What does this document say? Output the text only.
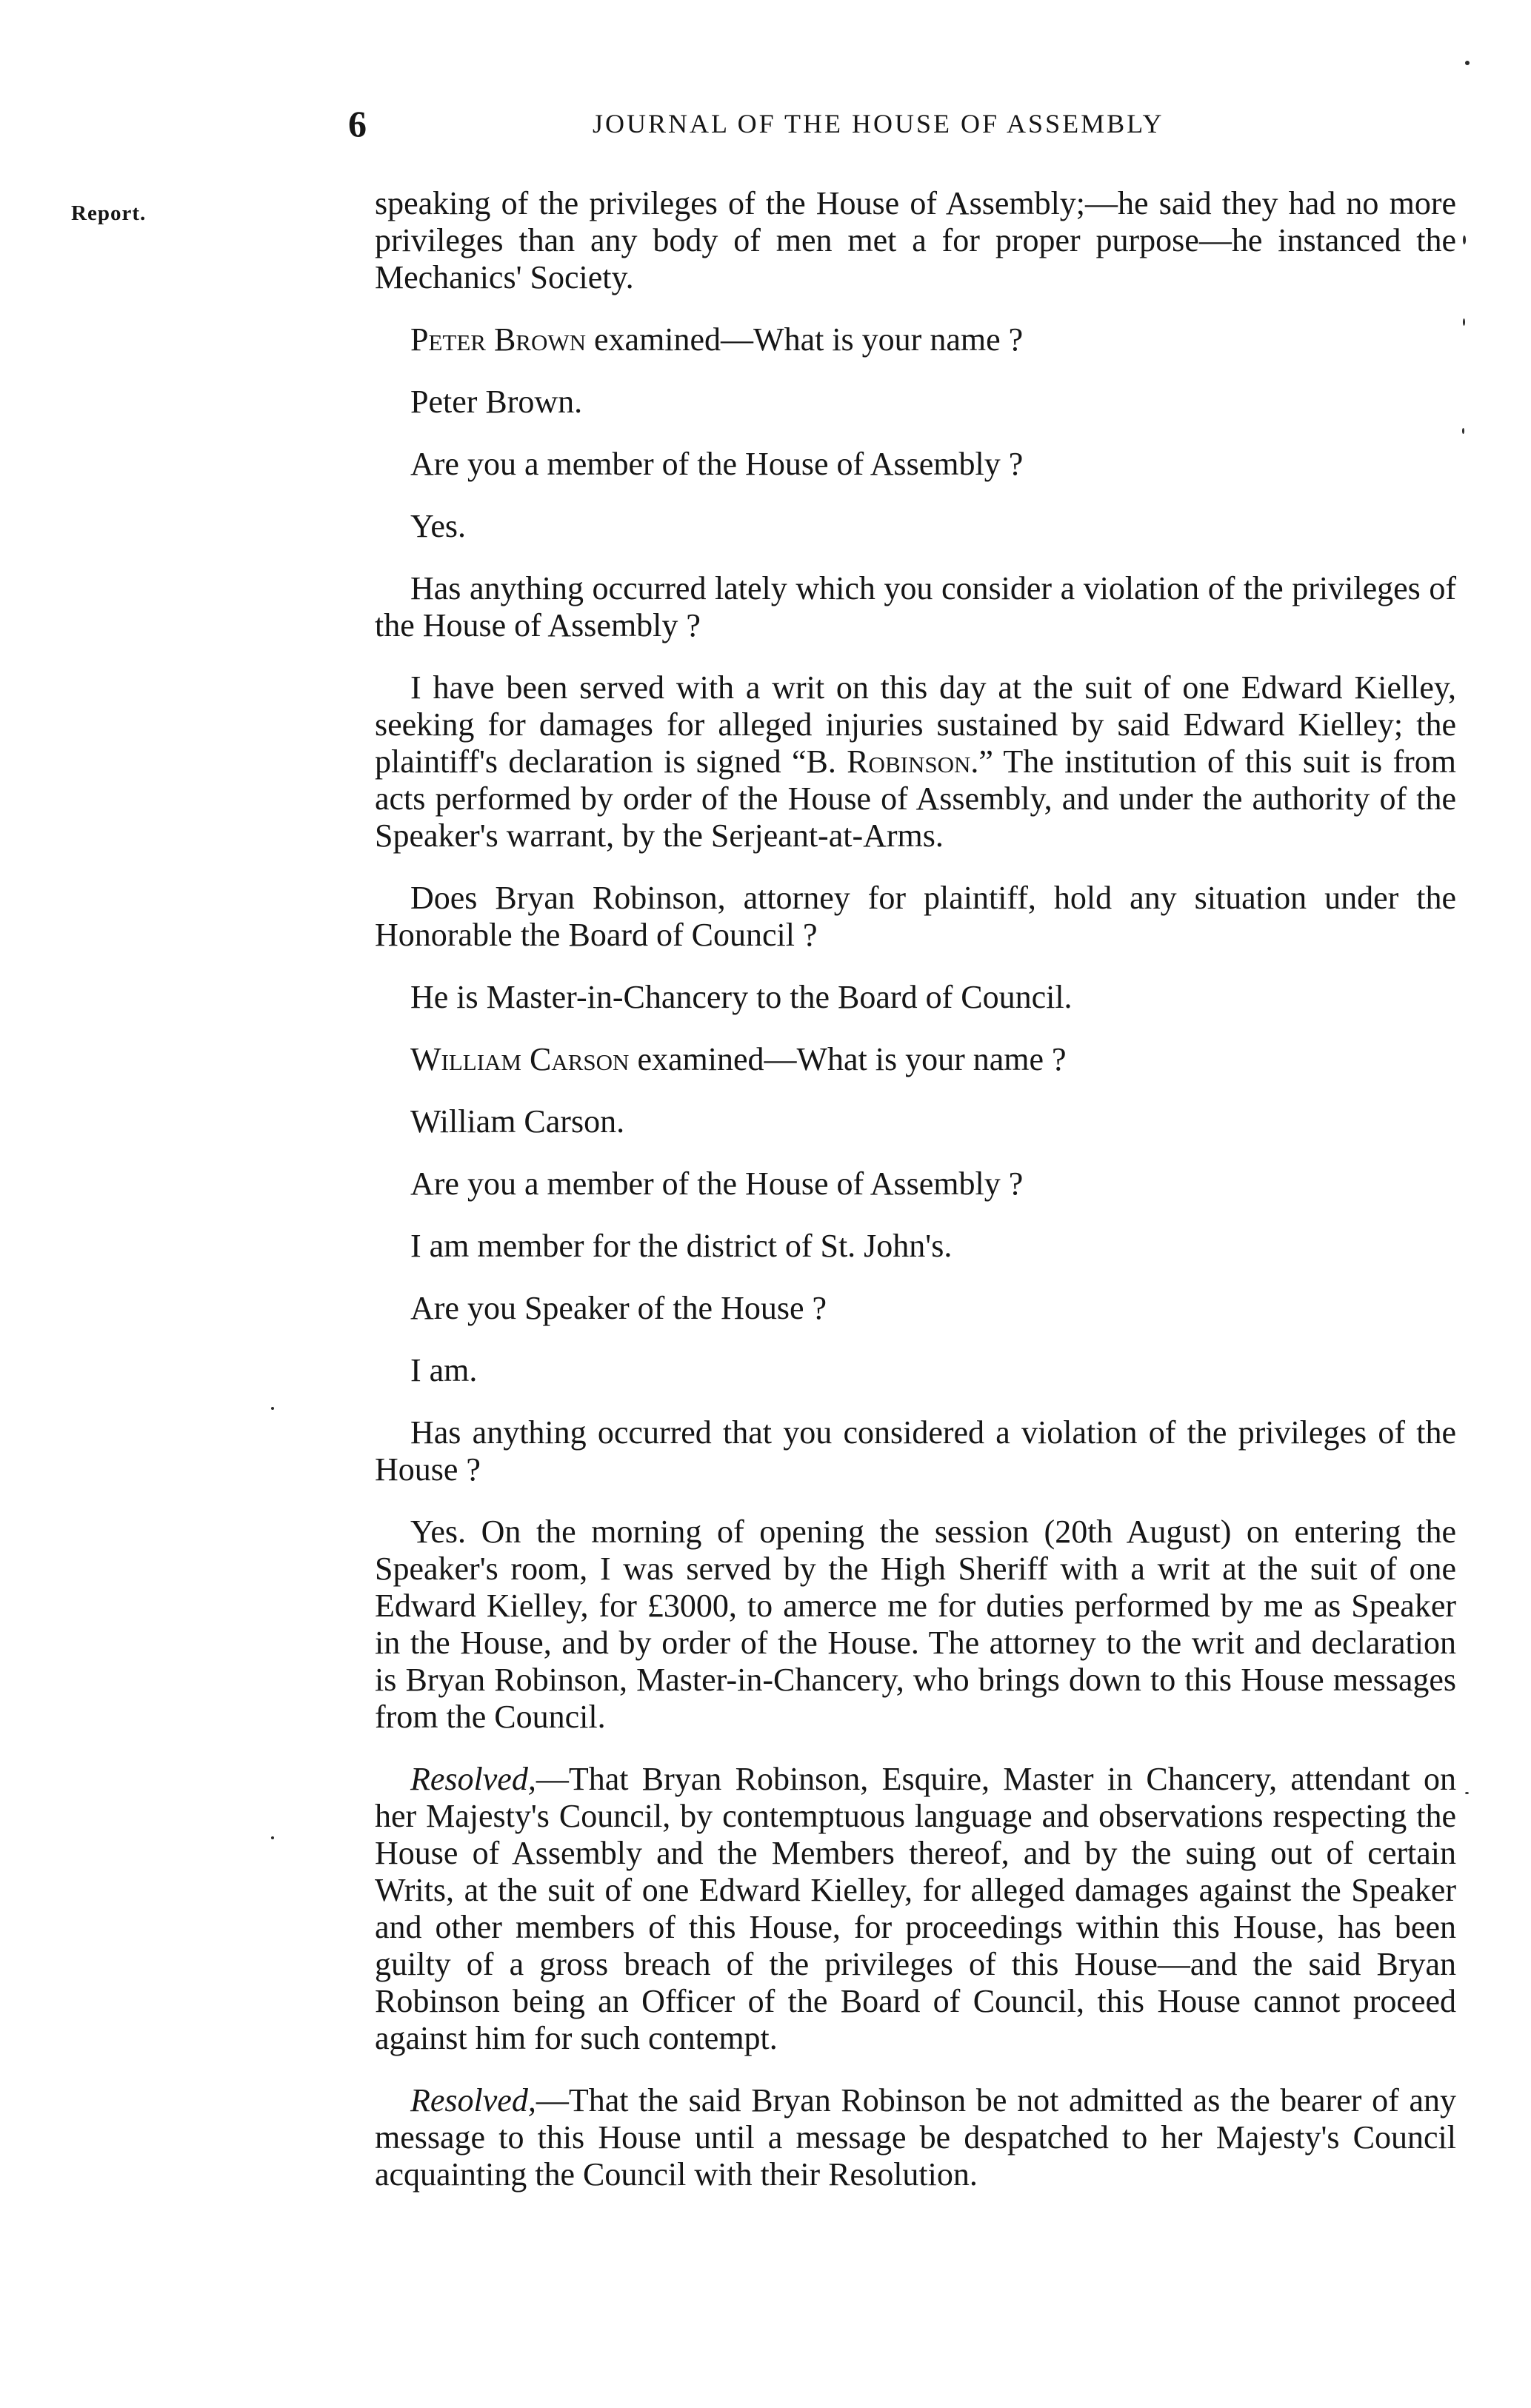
6	JOURNAL OF THE HOUSE OF ASSEMBLY
Report.	speaking of the privileges of the House of Assembly;—he said they had no more privileges than any body of men met a for proper purpose—he instanced the Mechanics' Society.

Peter Brown examined—What is your name ?

Peter Brown.

Are you a member of the House of Assembly ?

Yes.

Has anything occurred lately which you consider a violation of the privileges of the House of Assembly ?

I have been served with a writ on this day at the suit of one Edward Kielley, seeking for damages for alleged injuries sustained by said Edward Kielley; the plaintiff's declaration is signed “B. Robinson.” The institution of this suit is from acts performed by order of the House of Assembly, and under the authority of the Speaker's warrant, by the Serjeant-at-Arms.

Does Bryan Robinson, attorney for plaintiff, hold any situation under the Honorable the Board of Council ?

He is Master-in-Chancery to the Board of Council.

William Carson examined—What is your name ?

William Carson.

Are you a member of the House of Assembly ?

I am member for the district of St. John's.

Are you Speaker of the House ?

I am.

Has anything occurred that you considered a violation of the privileges of the House ?

Yes. On the morning of opening the session (20th August) on entering the Speaker's room, I was served by the High Sheriff with a writ at the suit of one Edward Kielley, for £3000, to amerce me for duties performed by me as Speaker in the House, and by order of the House. The attorney to the writ and declaration is Bryan Robinson, Master-in-Chancery, who brings down to this House messages from the Council.

Resolved,—That Bryan Robinson, Esquire, Master in Chancery, attendant on her Majesty's Council, by contemptuous language and observations respecting the House of Assembly and the Members thereof, and by the suing out of certain Writs, at the suit of one Edward Kielley, for alleged damages against the Speaker and other members of this House, for proceedings within this House, has been guilty of a gross breach of the privileges of this House—and the said Bryan Robinson being an Officer of the Board of Council, this House cannot proceed against him for such contempt.

Resolved,—That the said Bryan Robinson be not admitted as the bearer of any message to this House until a message be despatched to her Majesty's Council acquainting the Council with their Resolution.
